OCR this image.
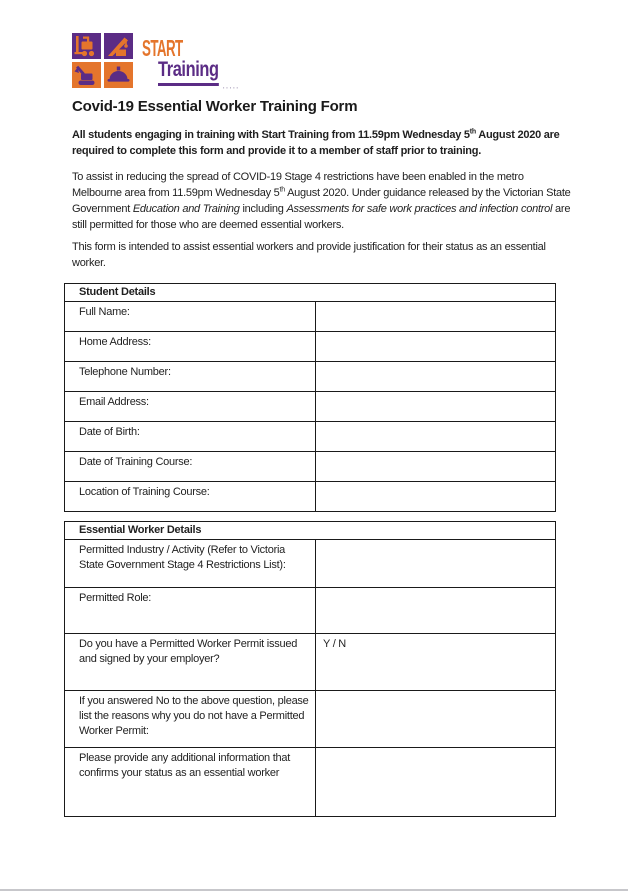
START
Training
▪▪▪▪▪
Covid-19 Essential Worker Training Form

All students engaging in training with Start Training from 11.59pm Wednesday 5th August 2020 are required to complete this form and provide it to a member of staff prior to training.

To assist in reducing the spread of COVID-19 Stage 4 restrictions have been enabled in the metro Melbourne area from 11.59pm Wednesday 5th August 2020. Under guidance released by the Victorian State Government Education and Training including Assessments for safe work practices and infection control are still permitted for those who are deemed essential workers.

This form is intended to assist essential workers and provide justification for their status as an essential worker.

Student Details	
Full Name:	
Home Address:	
Telephone Number:	
Email Address:	
Date of Birth:	
Date of Training Course:	
Location of Training Course:	
Essential Worker Details	
Permitted Industry / Activity (Refer to Victoria State Government Stage 4 Restrictions List):	
Permitted Role:	
Do you have a Permitted Worker Permit issued and signed by your employer?	Y / N
If you answered No to the above question, please list the reasons why you do not have a Permitted Worker Permit:	
Please provide any additional information that confirms your status as an essential worker	
